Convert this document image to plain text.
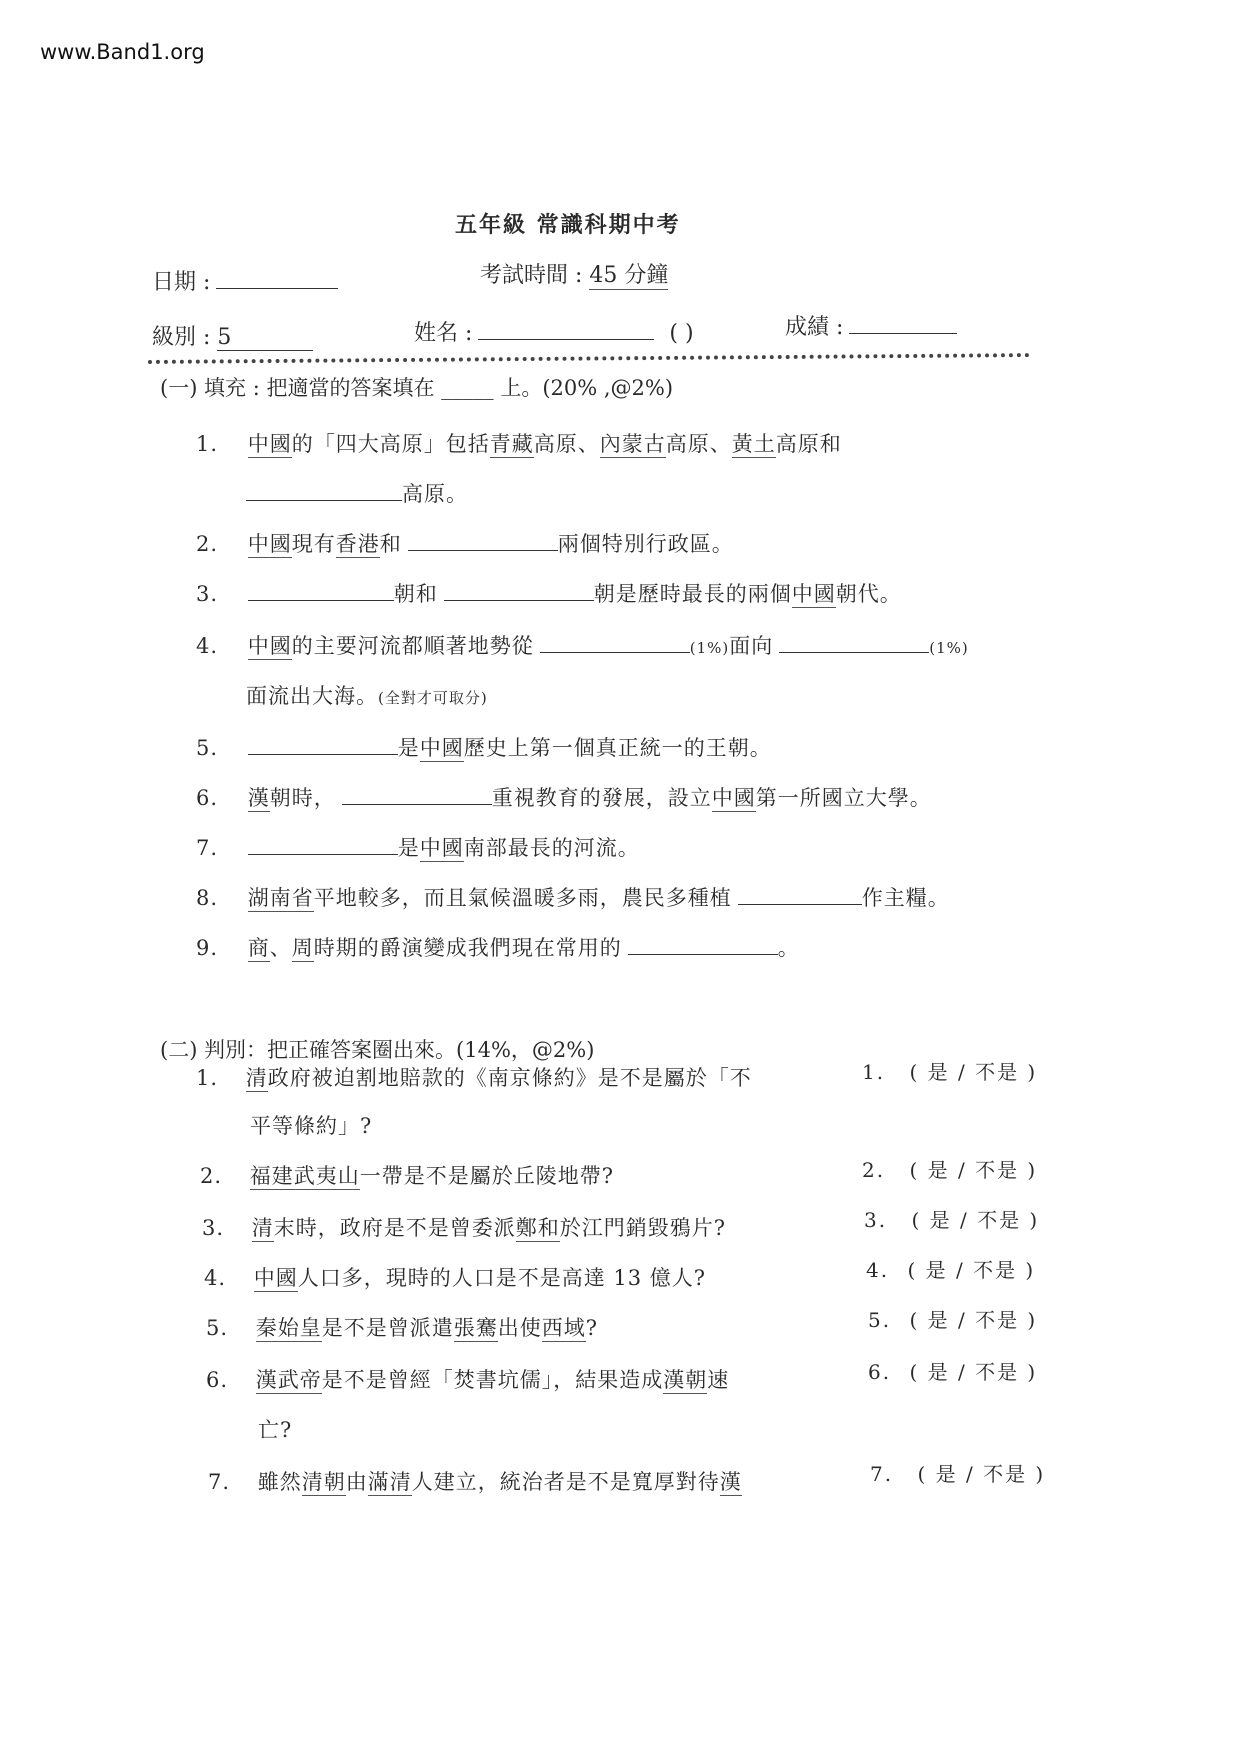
www.Band1.org
五年級 常識科期中考
日期 :	考試時間 : 45 分鐘
級別 : 5	姓名 :	( )	成績 :
(一) 填充 : 把適當的答案填在 _____ 上。(20% ,@2%)
1. 中國的「四大高原」包括青藏高原、內蒙古高原、黃土高原和
高原。
2. 中國現有香港和	兩個特別行政區。
3.	朝和	朝是歷時最長的兩個中國朝代。
4. 中國的主要河流都順著地勢從	(1%)面向	(1%)
面流出大海。(全對才可取分)
5.	是中國歷史上第一個真正統一的王朝。
6. 漢朝時，	重視教育的發展，設立中國第一所國立大學。
7.	是中國南部最長的河流。
8. 湖南省平地較多，而且氣候溫暖多雨，農民多種植	作主糧。
9. 商、周時期的爵演變成我們現在常用的	。
(二) 判別：把正確答案圈出來。(14%，@2%)
1. 清政府被迫割地賠款的《南京條約》是不是屬於「不
平等條約」?
1. ( 是 / 不是 )
2. 福建武夷山一帶是不是屬於丘陵地帶?	2. ( 是 / 不是 )
3. 清末時，政府是不是曾委派鄭和於江門銷毀鴉片?	3. ( 是 / 不是 )
4. 中國人口多，現時的人口是不是高達 13 億人?	4. ( 是 / 不是 )
5. 秦始皇是不是曾派遣張騫出使西域?	5. ( 是 / 不是 )
6. 漢武帝是不是曾經「焚書坑儒」，結果造成漢朝速
亡?
6. ( 是 / 不是 )
7. 雖然清朝由滿清人建立，統治者是不是寬厚對待漢	7. ( 是 / 不是 )
